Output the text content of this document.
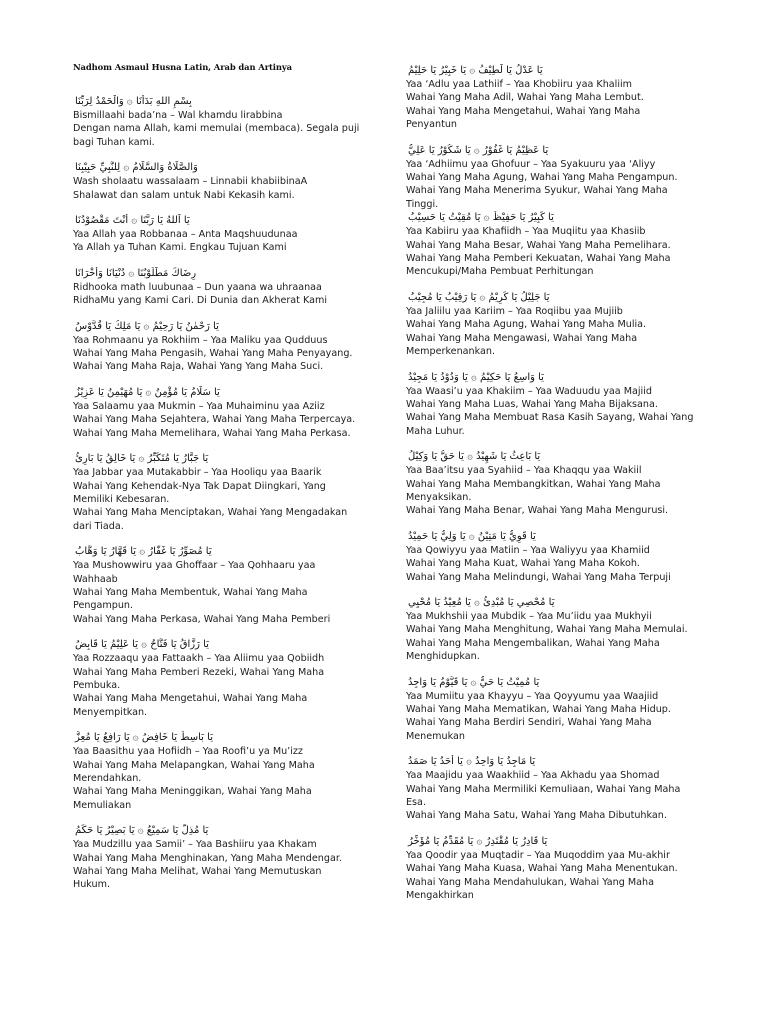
Nadhom Asmaul Husna Latin, Arab dan Artinya
بِسْمِ اللهِ بَدَأْنَا ۞ وَالْحَمْدُ لِرَبِّنَا
Bismillaahi bada’na – Wal khamdu lirabbina
Dengan nama Allah, kami memulai (membaca). Segala puji
bagi Tuhan kami.
وَالصَّلَاةُ وَالسَّلَامُ ۞ لِلنَّبِيِّ حَبِيْبِنَا
Wash sholaatu wassalaam – Linnabii khabiibinaA
Shalawat dan salam untuk Nabi Kekasih kami.
يَا اَللهُ يَا رَبَّنَا ۞ أَنْتَ مَقْصُوْدُنَا
Yaa Allah yaa Robbanaa – Anta Maqshuudunaa
Ya Allah ya Tuhan Kami. Engkau Tujuan Kami
رِضَاكَ مَطْلُوْبُنَا ۞ دُنْيَانَا وَأُخْرَانَا
Ridhooka math luubunaa – Dun yaana wa uhraanaa
RidhaMu yang Kami Cari. Di Dunia dan Akherat Kami
يَا رَحْمٰنُ يَا رَحِيْمُ ۞ يَا مَلِكُ يَا قُدُّوْسُ
Yaa Rohmaanu ya Rokhiim – Yaa Maliku yaa Qudduus
Wahai Yang Maha Pengasih, Wahai Yang Maha Penyayang.
Wahai Yang Maha Raja, Wahai Yang Yang Maha Suci.
يَا سَلَامُ يَا مُؤْمِنُ ۞ يَا مُهَيْمِنُ يَا عَزِيْزُ
Yaa Salaamu yaa Mukmin – Yaa Muhaiminu yaa Aziiz
Wahai Yang Maha Sejahtera, Wahai Yang Maha Terpercaya.
Wahai Yang Maha Memelihara, Wahai Yang Maha Perkasa.
يَا جَبَّارُ يَا مُتَكَبِّرُ ۞ يَا خَالِقُ يَا بَارِئُ
Yaa Jabbar yaa Mutakabbir – Yaa Hooliqu yaa Baarik
Wahai Yang Kehendak-Nya Tak Dapat Diingkari, Yang
Memiliki Kebesaran.
Wahai Yang Maha Menciptakan, Wahai Yang Mengadakan
dari Tiada.
يَا مُصَوِّرُ يَا غَفَّارُ ۞ يَا قَهَّارُ يَا وَهَّابُ
Yaa Mushowwiru yaa Ghoffaar – Yaa Qohhaaru yaa
Wahhaab
Wahai Yang Maha Membentuk, Wahai Yang Maha
Pengampun.
Wahai Yang Maha Perkasa, Wahai Yang Maha Pemberi
يَا رَزَّاقُ يَا فَتَّاحُ ۞ يَا عَلِيْمُ يَا قَابِضُ
Yaa Rozzaaqu yaa Fattaakh – Yaa Aliimu yaa Qobiidh
Wahai Yang Maha Pemberi Rezeki, Wahai Yang Maha
Pembuka.
Wahai Yang Maha Mengetahui, Wahai Yang Maha
Menyempitkan.
يَا بَاسِطُ يَا خَافِضُ ۞ يَا رَافِعُ يَا مُعِزُّ
Yaa Baasithu yaa Hofiidh – Yaa Roofi’u ya Mu’izz
Wahai Yang Maha Melapangkan, Wahai Yang Maha
Merendahkan.
Wahai Yang Maha Meninggikan, Wahai Yang Maha
Memuliakan
يَا مُذِلُّ يَا سَمِيْعُ ۞ يَا بَصِيْرُ يَا حَكَمُ
Yaa Mudzillu yaa Samii’ – Yaa Bashiiru yaa Khakam
Wahai Yang Maha Menghinakan, Yang Maha Mendengar.
Wahai Yang Maha Melihat, Wahai Yang Memutuskan
Hukum.
يَا عَدْلُ يَا لَطِيْفُ ۞ يَا خَبِيْرُ يَا حَلِيْمُ
Yaa ‘Adlu yaa Lathiif – Yaa Khobiiru yaa Khaliim
Wahai Yang Maha Adil, Wahai Yang Maha Lembut.
Wahai Yang Maha Mengetahui, Wahai Yang Maha
Penyantun
يَا عَظِيْمُ يَا غَفُوْرُ ۞ يَا شَكُوْرُ يَا عَلِيُّ
Yaa ‘Adhiimu yaa Ghofuur – Yaa Syakuuru yaa ‘Aliyy
Wahai Yang Maha Agung, Wahai Yang Maha Pengampun.
Wahai Yang Maha Menerima Syukur, Wahai Yang Maha
Tinggi.
يَا كَبِيْرُ يَا حَفِيْظُ ۞ يَا مُقِيْتُ يَا حَسِيْبُ
Yaa Kabiiru yaa Khafiidh – Yaa Muqiitu yaa Khasiib
Wahai Yang Maha Besar, Wahai Yang Maha Pemelihara.
Wahai Yang Maha Pemberi Kekuatan, Wahai Yang Maha
Mencukupi/Maha Pembuat Perhitungan
يَا جَلِيْلُ يَا كَرِيْمُ ۞ يَا رَقِيْبُ يَا مُجِيْبُ
Yaa Jaliilu yaa Kariim – Yaa Roqiibu yaa Mujiib
Wahai Yang Maha Agung, Wahai Yang Maha Mulia.
Wahai Yang Maha Mengawasi, Wahai Yang Maha
Memperkenankan.
يَا وَاسِعُ يَا حَكِيْمُ ۞ يَا وَدُوْدُ يَا مَجِيْدُ
Yaa Waasi’u yaa Khakiim – Yaa Waduudu yaa Majiid
Wahai Yang Maha Luas, Wahai Yang Maha Bijaksana.
Wahai Yang Maha Membuat Rasa Kasih Sayang, Wahai Yang
Maha Luhur.
يَا بَاعِثُ يَا شَهِيْدُ ۞ يَا حَقُّ يَا وَكِيْلُ
Yaa Baa’itsu yaa Syahiid – Yaa Khaqqu yaa Wakiil
Wahai Yang Maha Membangkitkan, Wahai Yang Maha
Menyaksikan.
Wahai Yang Maha Benar, Wahai Yang Maha Mengurusi.
يَا قَوِيُّ يَا مَتِيْنُ ۞ يَا وَلِيُّ يَا حَمِيْدُ
Yaa Qowiyyu yaa Matiin – Yaa Waliyyu yaa Khamiid
Wahai Yang Maha Kuat, Wahai Yang Maha Kokoh.
Wahai Yang Maha Melindungi, Wahai Yang Maha Terpuji
يَا مُحْصِي يَا مُبْدِئُ ۞ يَا مُعِيْدُ يَا مُحْيِي
Yaa Mukhshii yaa Mubdik – Yaa Mu’iidu yaa Mukhyii
Wahai Yang Maha Menghitung, Wahai Yang Maha Memulai.
Wahai Yang Maha Mengembalikan, Wahai Yang Maha
Menghidupkan.
يَا مُمِيْتُ يَا حَيُّ ۞ يَا قَيُّوْمُ يَا وَاجِدُ
Yaa Mumiitu yaa Khayyu – Yaa Qoyyumu yaa Waajiid
Wahai Yang Maha Mematikan, Wahai Yang Maha Hidup.
Wahai Yang Maha Berdiri Sendiri, Wahai Yang Maha
Menemukan
يَا مَاجِدُ يَا وَاحِدُ ۞ يَا أَحَدُ يَا صَمَدُ
Yaa Maajidu yaa Waakhiid – Yaa Akhadu yaa Shomad
Wahai Yang Maha Mermiliki Kemuliaan, Wahai Yang Maha
Esa.
Wahai Yang Maha Satu, Wahai Yang Maha Dibutuhkan.
يَا قَادِرُ يَا مُقْتَدِرُ ۞ يَا مُقَدِّمُ يَا مُؤَخِّرُ
Yaa Qoodir yaa Muqtadir – Yaa Muqoddim yaa Mu-akhir
Wahai Yang Maha Kuasa, Wahai Yang Maha Menentukan.
Wahai Yang Maha Mendahulukan, Wahai Yang Maha
Mengakhirkan
